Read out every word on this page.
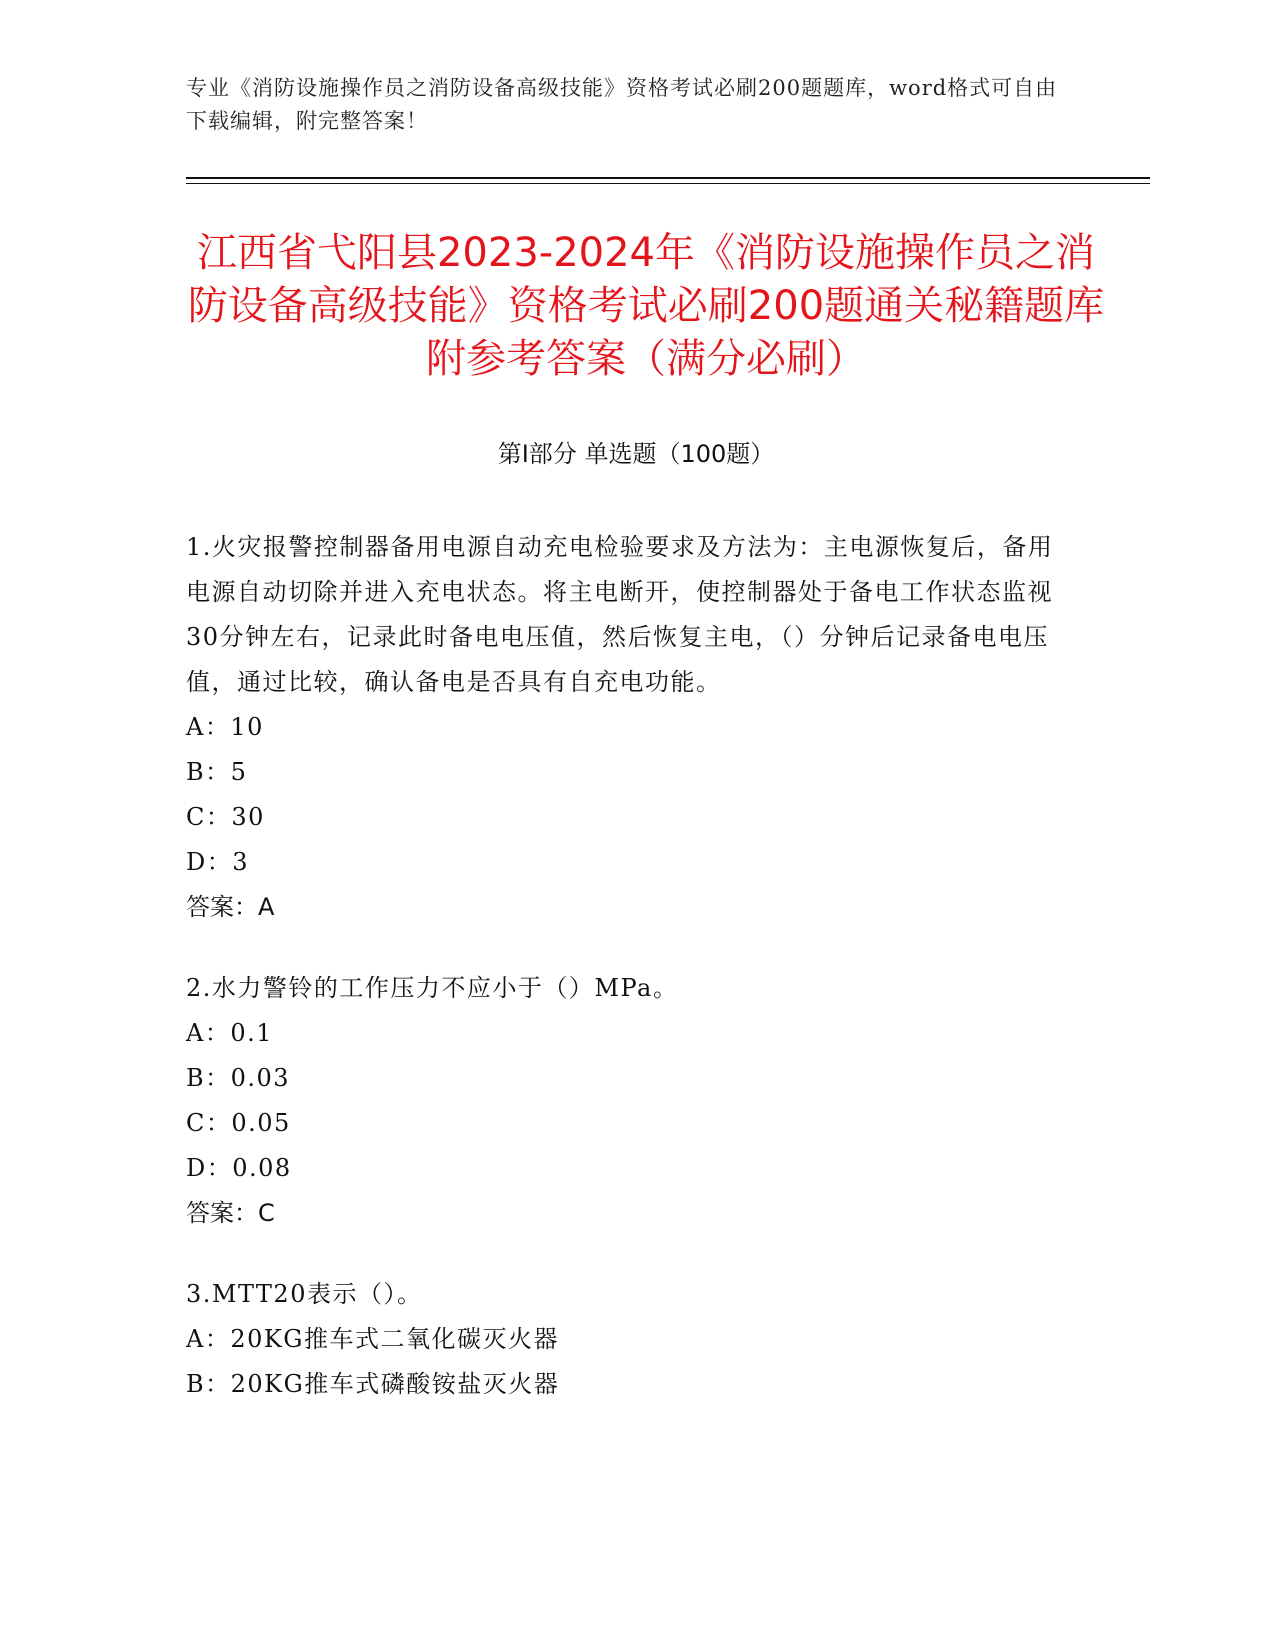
专业《消防设施操作员之消防设备高级技能》资格考试必刷200题题库，word格式可自由下载编辑，附完整答案！
江西省弋阳县2023-2024年《消防设施操作员之消防设备高级技能》资格考试必刷200题通关秘籍题库附参考答案（满分必刷）
第Ⅰ部分 单选题（100题）

1.火灾报警控制器备用电源自动充电检验要求及方法为：主电源恢复后，备用电源自动切除并进入充电状态。将主电断开，使控制器处于备电工作状态监视30分钟左右，记录此时备电电压值，然后恢复主电，（）分钟后记录备电电压值，通过比较，确认备电是否具有自充电功能。

A：10

B：5

C：30

D：3

答案：A

2.水力警铃的工作压力不应小于（）MPa。

A：0.1

B：0.03

C：0.05

D：0.08

答案：C

3.MTT20表示（）。

A：20KG推车式二氧化碳灭火器

B：20KG推车式磷酸铵盐灭火器
